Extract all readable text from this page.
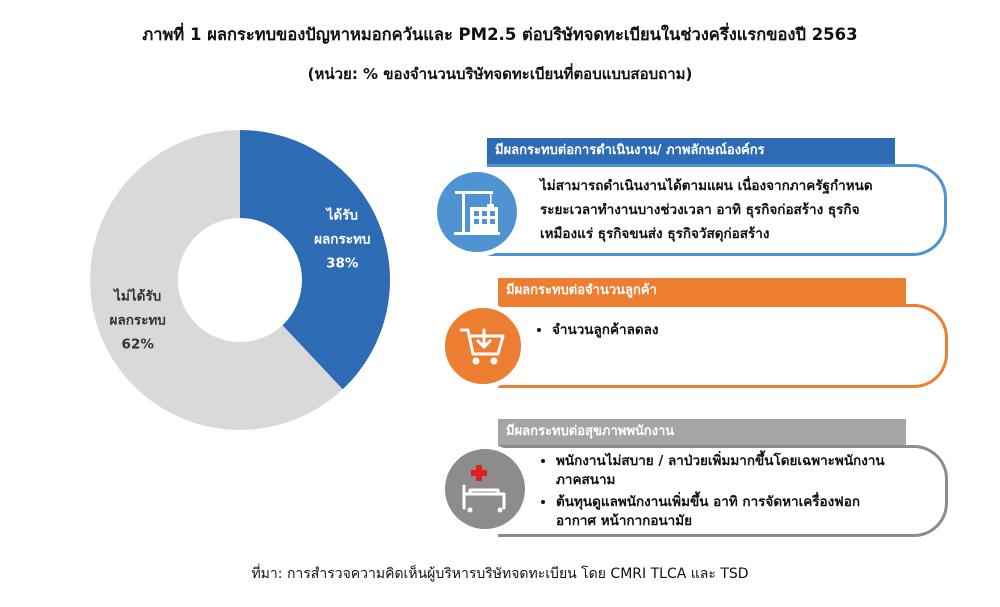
ภาพที่ 1 ผลกระทบของปัญหาหมอกควันและ PM2.5 ต่อบริษัทจดทะเบียนในช่วงครึ่งแรกของปี 2563
(หน่วย: % ของจำนวนบริษัทจดทะเบียนที่ตอบแบบสอบถาม)
ได้รับ
ผลกระทบ
38%
ไม่ได้รับ
ผลกระทบ
62%
มีผลกระทบต่อการดำเนินงาน/ ภาพลักษณ์องค์กร
ไม่สามารถดำเนินงานได้ตามแผน เนื่องจากภาครัฐกำหนด
ระยะเวลาทำงานบางช่วงเวลา อาทิ ธุรกิจก่อสร้าง ธุรกิจ
เหมืองแร่ ธุรกิจขนส่ง ธุรกิจวัสดุก่อสร้าง
มีผลกระทบต่อจำนวนลูกค้า
• จำนวนลูกค้าลดลง
มีผลกระทบต่อสุขภาพพนักงาน
• พนักงานไม่สบาย / ลาป่วยเพิ่มมากขึ้นโดยเฉพาะพนักงาน
ภาคสนาม
• ต้นทุนดูแลพนักงานเพิ่มขึ้น อาทิ การจัดหาเครื่องฟอก
อากาศ หน้ากากอนามัย
ที่มา: การสำรวจความคิดเห็นผู้บริหารบริษัทจดทะเบียน โดย CMRI TLCA และ TSD
